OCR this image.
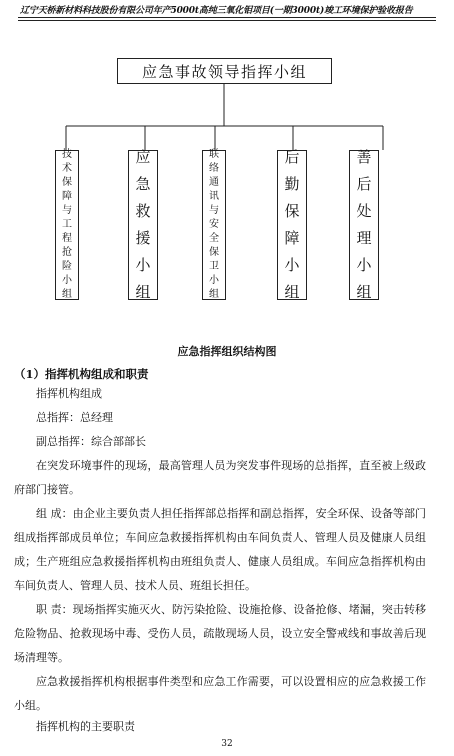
辽宁天桥新材料科技股份有限公司年产5000t高纯三氧化钼项目(一期3000t)竣工环境保护验收报告
应急事故领导指挥小组
技
术
保
障
与
工
程
抢
险
小
组
应
急
救
援
小
组
联
络
通
讯
与
安
全
保
卫
小
组
后
勤
保
障
小
组
善
后
处
理
小
组
应急指挥组织结构图
（1）指挥机构组成和职责
指挥机构组成
总指挥：总经理
副总指挥：综合部部长
在突发环境事件的现场，最高管理人员为突发事件现场的总指挥，直至被上级政府部门接管。
组 成：由企业主要负责人担任指挥部总指挥和副总指挥，安全环保、设备等部门组成指挥部成员单位；车间应急救援指挥机构由车间负责人、管理人员及健康人员组成；生产班组应急救援指挥机构由班组负责人、健康人员组成。车间应急指挥机构由车间负责人、管理人员、技术人员、班组长担任。
职 责：现场指挥实施灭火、防污染抢险、设施抢修、设备抢修、堵漏，突击转移危险物品、抢救现场中毒、受伤人员，疏散现场人员，设立安全警戒线和事故善后现场清理等。
应急救援指挥机构根据事件类型和应急工作需要，可以设置相应的应急救援工作小组。
指挥机构的主要职责
32
